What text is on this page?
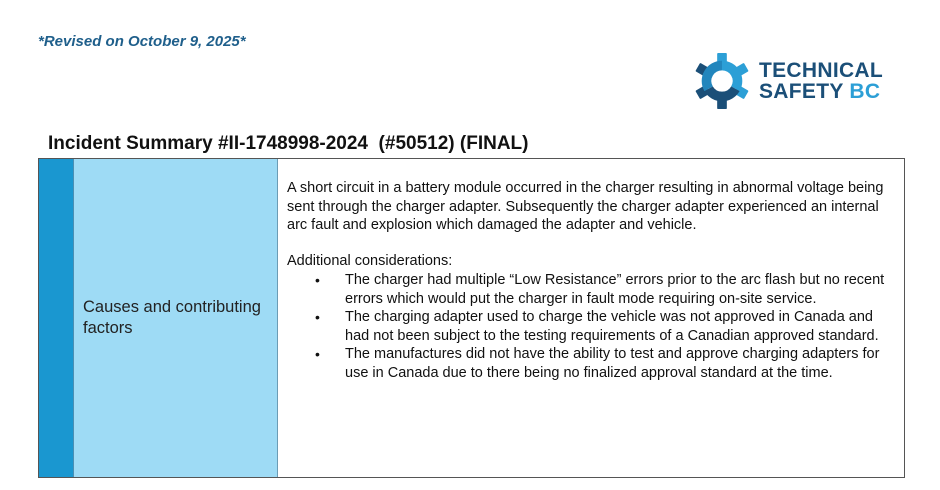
*Revised on October 9, 2025*
TECHNICAL
SAFETY BC
Incident Summary #II-1748998-2024  (#50512) (FINAL)
Causes and contributing factors
A short circuit in a battery module occurred in the charger resulting in abnormal voltage being sent through the charger adapter. Subsequently the charger adapter experienced an internal arc fault and explosion which damaged the adapter and vehicle.
Additional considerations:
• The charger had multiple “Low Resistance” errors prior to the arc flash but no recent errors which would put the charger in fault mode requiring on-site service.
• The charging adapter used to charge the vehicle was not approved in Canada and had not been subject to the testing requirements of a Canadian approved standard.
• The manufactures did not have the ability to test and approve charging adapters for use in Canada due to there being no finalized approval standard at the time.
